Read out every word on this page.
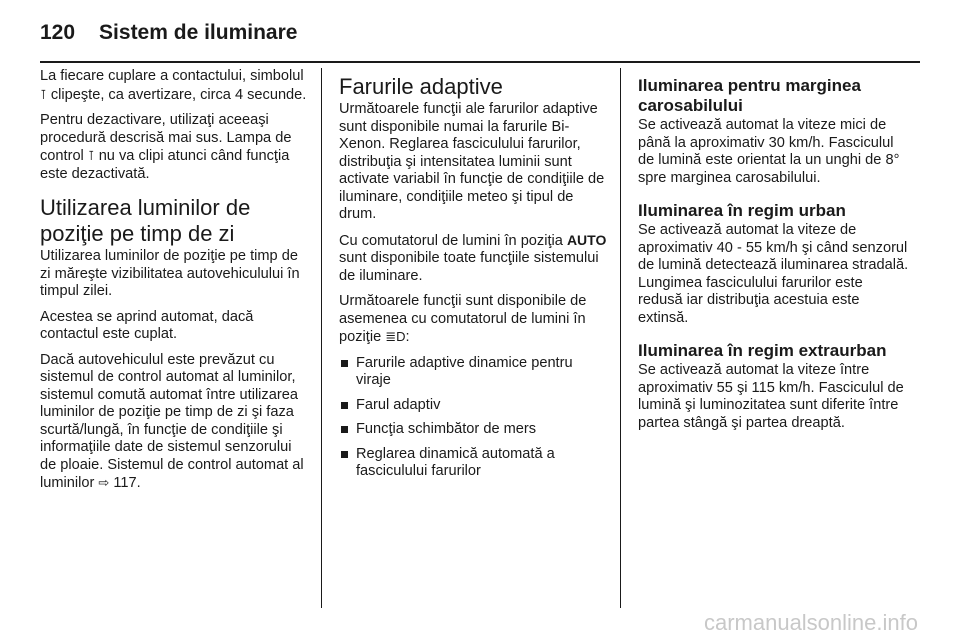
120 Sistem de iluminare

La fiecare cuplare a contactului, simbolul ⊺ clipeşte, ca avertizare, circa 4 secunde.

Pentru dezactivare, utilizaţi aceeaşi procedură descrisă mai sus. Lampa de control ⊺ nu va clipi atunci când funcţia este dezactivată.

Utilizarea luminilor de poziţie pe timp de zi

Utilizarea luminilor de poziţie pe timp de zi măreşte vizibilitatea autovehiculului în timpul zilei.

Acestea se aprind automat, dacă contactul este cuplat.

Dacă autovehiculul este prevăzut cu sistemul de control automat al luminilor, sistemul comută automat între utilizarea luminilor de poziţie pe timp de zi şi faza scurtă/lungă, în funcţie de condiţiile şi informaţiile date de sistemul senzorului de ploaie. Sistemul de control automat al luminilor ⇨ 117.

Farurile adaptive

Următoarele funcţii ale farurilor adaptive sunt disponibile numai la farurile Bi-Xenon. Reglarea fasciculului farurilor, distribuţia şi intensitatea luminii sunt activate variabil în funcţie de condiţiile de iluminare, condiţiile meteo şi tipul de drum.

Cu comutatorul de lumini în poziţia AUTO sunt disponibile toate funcţiile sistemului de iluminare.

Următoarele funcţii sunt disponibile de asemenea cu comutatorul de lumini în poziţie ≣D:

Farurile adaptive dinamice pentru viraje
Farul adaptiv
Funcţia schimbător de mers
Reglarea dinamică automată a fasciculului farurilor
Iluminarea pentru marginea carosabilului

Se activează automat la viteze mici de până la aproximativ 30 km/h. Fasciculul de lumină este orientat la un unghi de 8° spre marginea carosabilului.

Iluminarea în regim urban

Se activează automat la viteze de aproximativ 40 - 55 km/h şi când senzorul de lumină detectează iluminarea stradală. Lungimea fasciculului farurilor este redusă iar distribuţia acestuia este extinsă.

Iluminarea în regim extraurban

Se activează automat la viteze între aproximativ 55 şi 115 km/h. Fasciculul de lumină şi luminozitatea sunt diferite între partea stângă şi partea dreaptă.

carmanualsonline.info
